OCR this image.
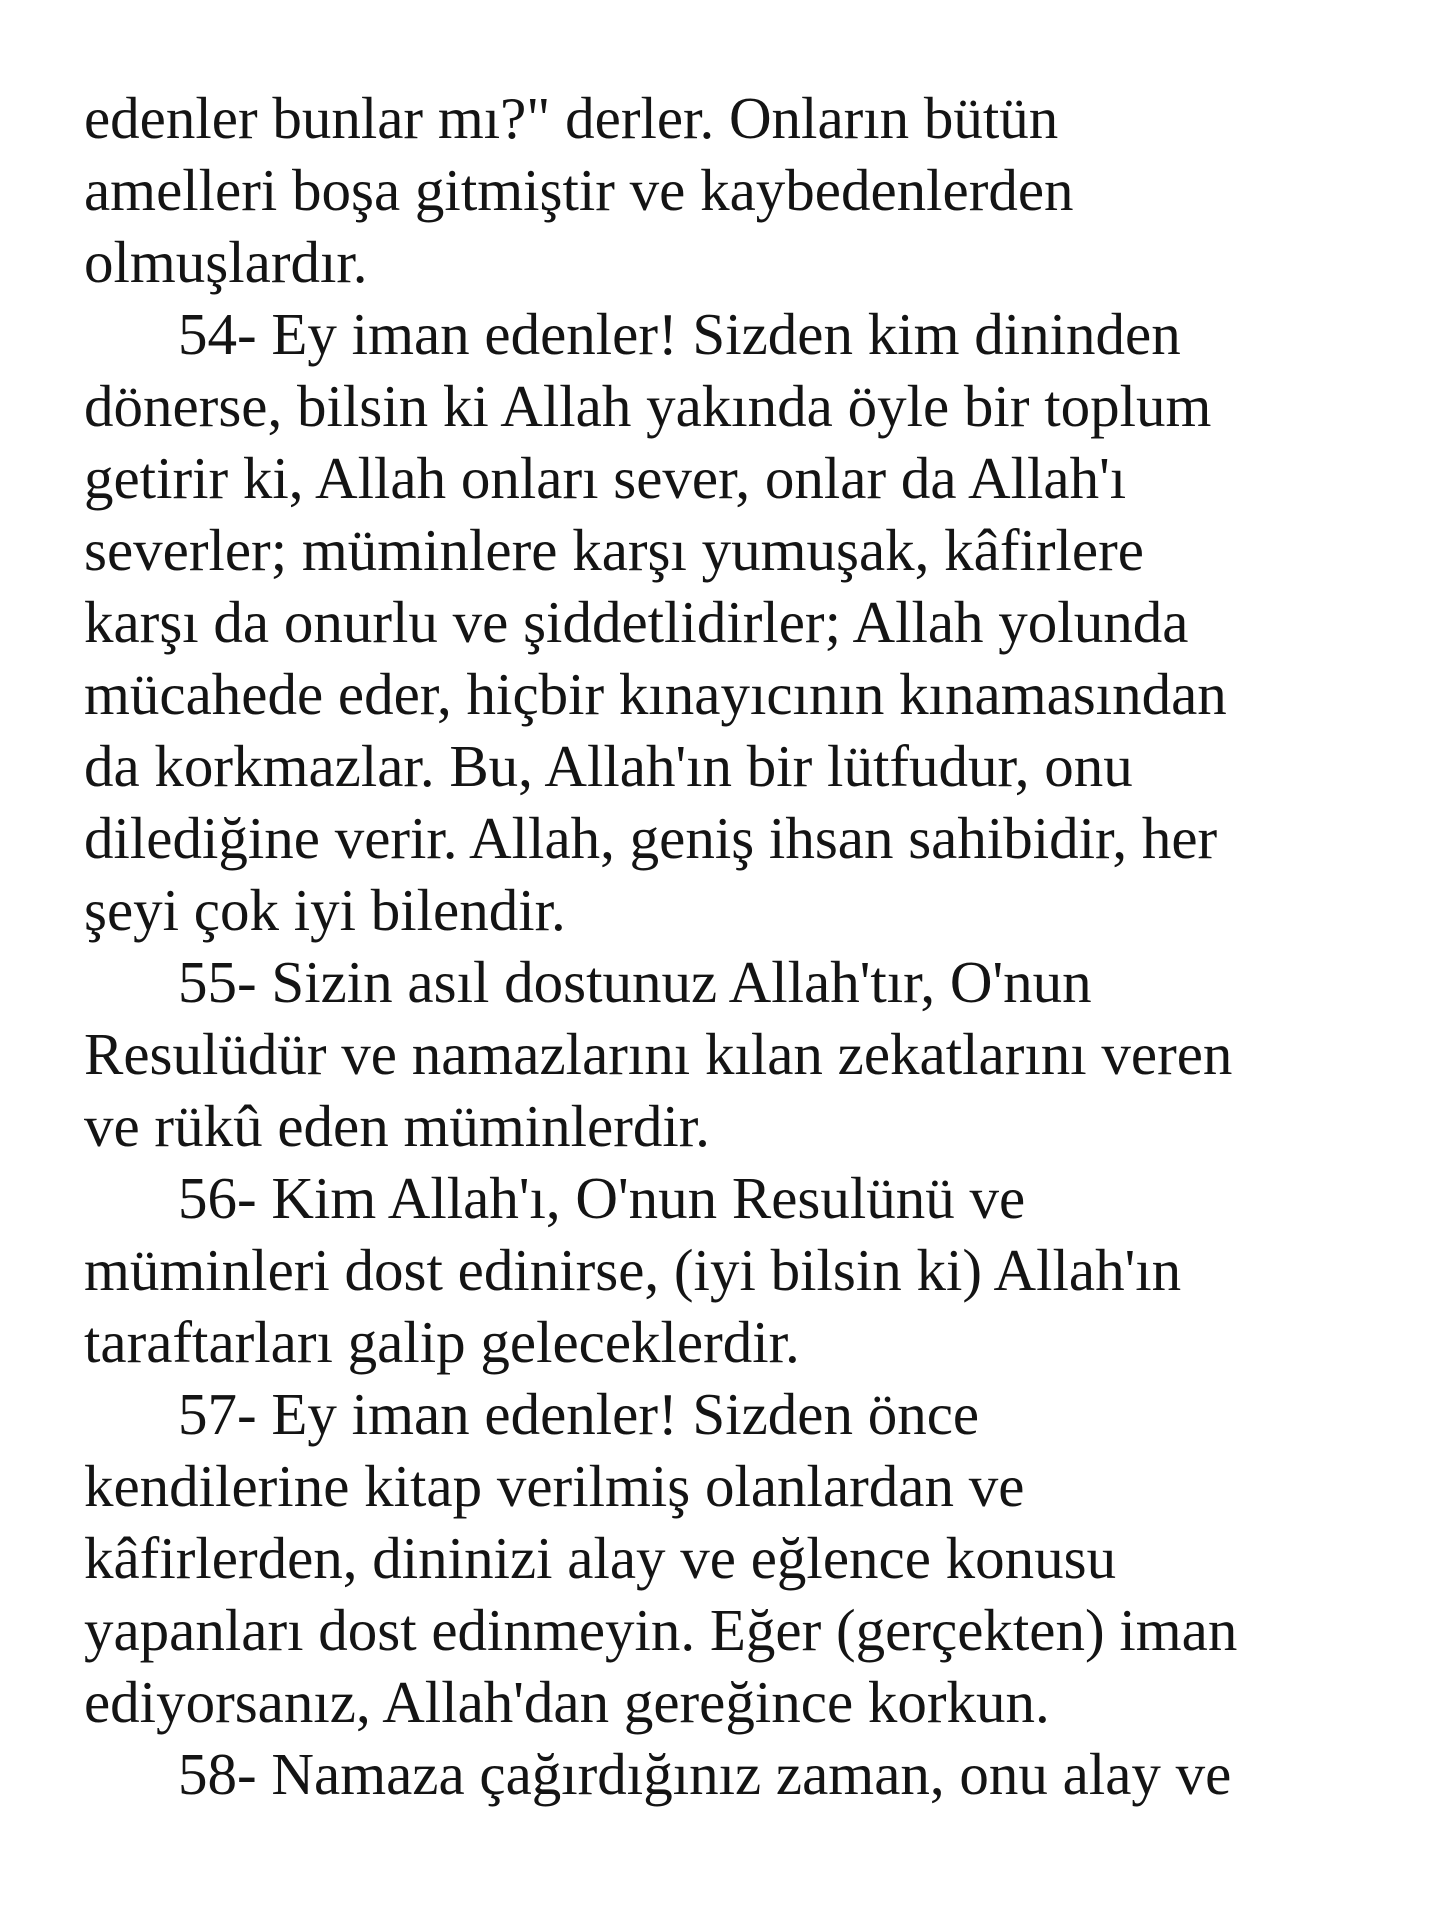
edenler bunlar mı?" derler. Onların bütün
amelleri boşa gitmiştir ve kaybedenlerden
olmuşlardır.
54- Ey iman edenler! Sizden kim dininden
dönerse, bilsin ki Allah yakında öyle bir toplum
getirir ki, Allah onları sever, onlar da Allah'ı
severler; müminlere karşı yumuşak, kâfirlere
karşı da onurlu ve şiddetlidirler; Allah yolunda
mücahede eder, hiçbir kınayıcının kınamasından
da korkmazlar. Bu, Allah'ın bir lütfudur, onu
dilediğine verir. Allah, geniş ihsan sahibidir, her
şeyi çok iyi bilendir.
55- Sizin asıl dostunuz Allah'tır, O'nun
Resulüdür ve namazlarını kılan zekatlarını veren
ve rükû eden müminlerdir.
56- Kim Allah'ı, O'nun Resulünü ve
müminleri dost edinirse, (iyi bilsin ki) Allah'ın
taraftarları galip geleceklerdir.
57- Ey iman edenler! Sizden önce
kendilerine kitap verilmiş olanlardan ve
kâfirlerden, dininizi alay ve eğlence konusu
yapanları dost edinmeyin. Eğer (gerçekten) iman
ediyorsanız, Allah'dan gereğince korkun.
58- Namaza çağırdığınız zaman, onu alay ve
